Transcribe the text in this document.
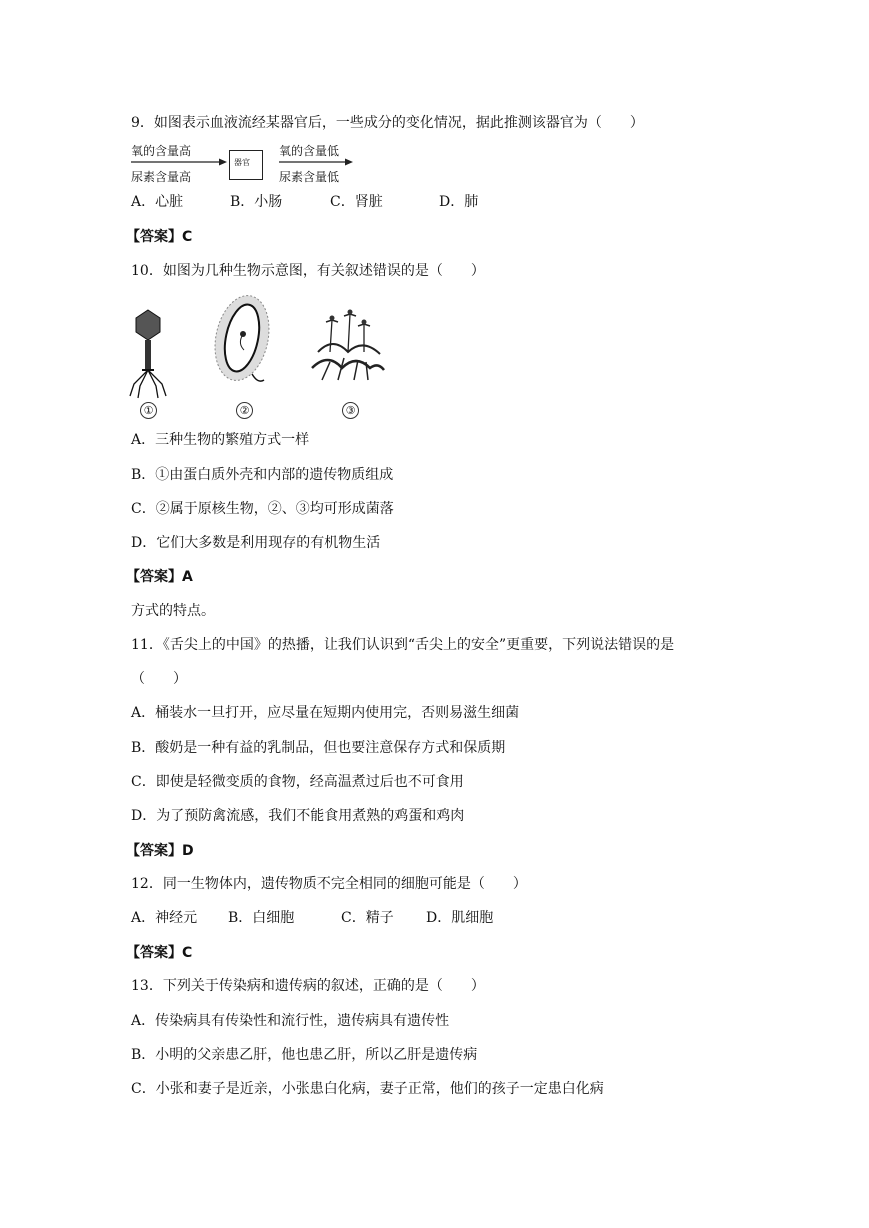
9．如图表示血液流经某器官后，一些成分的变化情况，据此推测该器官为（　　）
氧的含量高
尿素含量高
器官
氧的含量低
尿素含量低
A．心脏	B．小肠	C．肾脏	D．肺
【答案】C
10．如图为几种生物示意图，有关叙述错误的是（　　）
①	②	③
A．三种生物的繁殖方式一样
B．①由蛋白质外壳和内部的遗传物质组成
C．②属于原核生物，②、③均可形成菌落
D．它们大多数是利用现存的有机物生活
【答案】A
方式的特点。
11．《舌尖上的中国》的热播，让我们认识到“舌尖上的安全”更重要，下列说法错误的是
（　　）
A．桶装水一旦打开，应尽量在短期内使用完，否则易滋生细菌
B．酸奶是一种有益的乳制品，但也要注意保存方式和保质期
C．即使是轻微变质的食物，经高温煮过后也不可食用
D．为了预防禽流感，我们不能食用煮熟的鸡蛋和鸡肉
【答案】D
12．同一生物体内，遗传物质不完全相同的细胞可能是（　　）
A．神经元 B．白细胞	C．精子 D．肌细胞
【答案】C
13．下列关于传染病和遗传病的叙述，正确的是（　　）
A．传染病具有传染性和流行性，遗传病具有遗传性
B．小明的父亲患乙肝，他也患乙肝，所以乙肝是遗传病
C．小张和妻子是近亲，小张患白化病，妻子正常，他们的孩子一定患白化病
